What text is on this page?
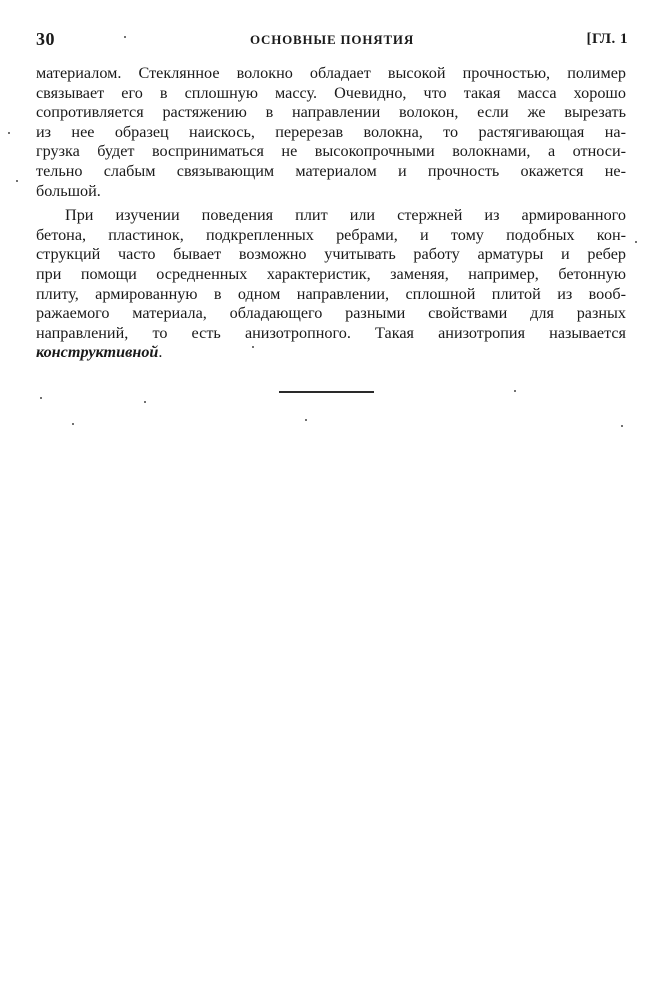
30	ОСНОВНЫЕ ПОНЯТИЯ	[ГЛ. 1

материалом. Стеклянное волокно обладает высокой прочностью, полимер
связывает его в сплошную массу. Очевидно, что такая масса хорошо
сопротивляется растяжению в направлении волокон, если же вырезать
из нее образец наискось, перерезав волокна, то растягивающая на-
грузка будет восприниматься не высокопрочными волокнами, а относи-
тельно слабым связывающим материалом и прочность окажется не-
большой.

При изучении поведения плит или стержней из армированного
бетона, пластинок, подкрепленных ребрами, и тому подобных кон-
струкций часто бывает возможно учитывать работу арматуры и ребер
при помощи осредненных характеристик, заменяя, например, бетонную
плиту, армированную в одном направлении, сплошной плитой из вооб-
ражаемого материала, обладающего разными свойствами для разных
направлений, то есть анизотропного. Такая анизотропия называется
конструктивной.
